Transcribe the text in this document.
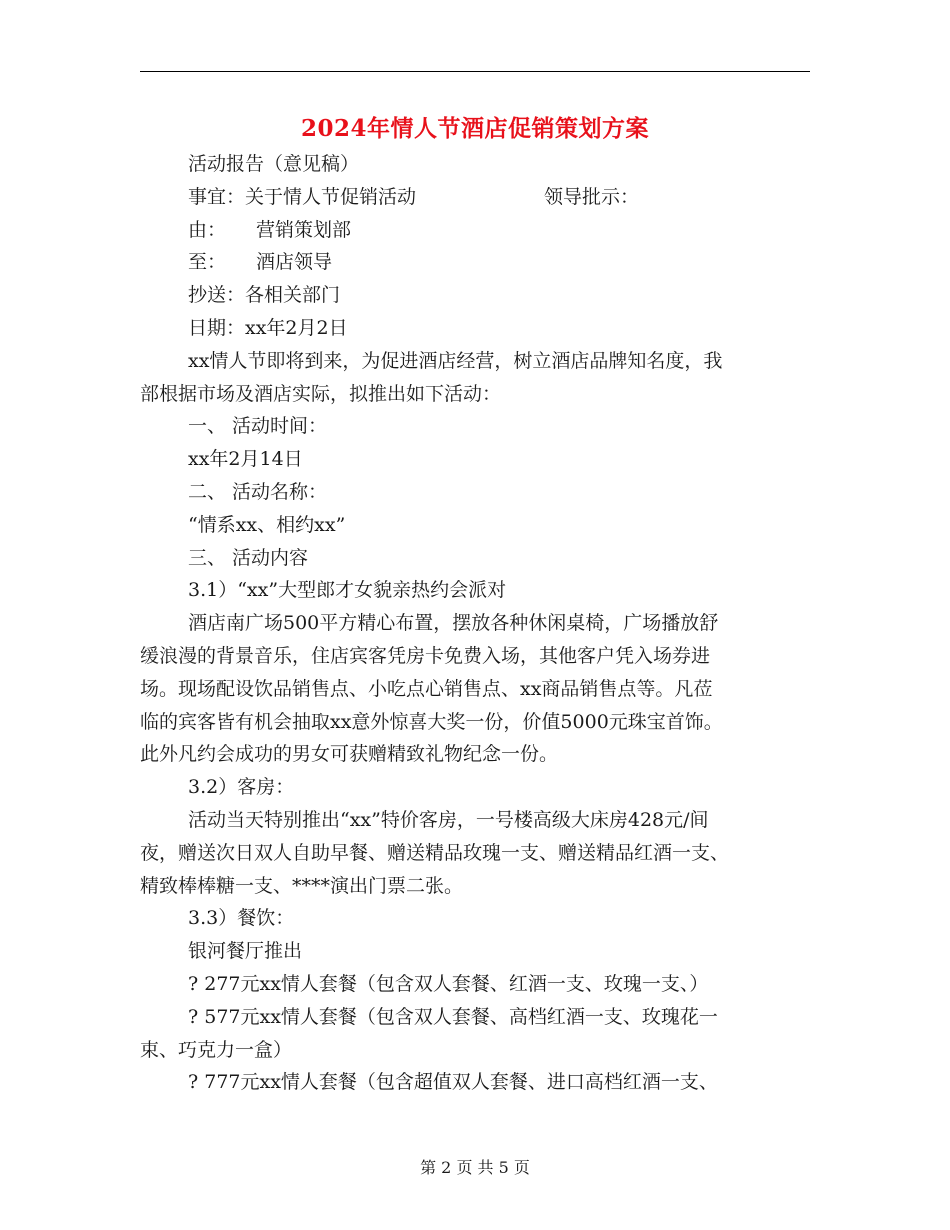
2024年情人节酒店促销策划方案
活动报告（意见稿）
事宜：关于情人节促销活动	领导批示：
由： 营销策划部
至： 酒店领导
抄送：各相关部门
日期：xx年2月2日
xx情人节即将到来，为促进酒店经营，树立酒店品牌知名度，我
部根据市场及酒店实际，拟推出如下活动：
一、 活动时间：
xx年2月14日
二、 活动名称：
“情系xx、相约xx”
三、 活动内容
3.1）“xx”大型郎才女貌亲热约会派对
酒店南广场500平方精心布置，摆放各种休闲桌椅，广场播放舒
缓浪漫的背景音乐，住店宾客凭房卡免费入场，其他客户凭入场券进
场。现场配设饮品销售点、小吃点心销售点、xx商品销售点等。凡莅
临的宾客皆有机会抽取xx意外惊喜大奖一份，价值5000元珠宝首饰。
此外凡约会成功的男女可获赠精致礼物纪念一份。
3.2）客房：
活动当天特别推出“xx”特价客房，一号楼高级大床房428元/间
夜，赠送次日双人自助早餐、赠送精品玫瑰一支、赠送精品红酒一支、
精致棒棒糖一支、****演出门票二张。
3.3）餐饮：
银河餐厅推出
? 277元xx情人套餐（包含双人套餐、红酒一支、玫瑰一支、）
? 577元xx情人套餐（包含双人套餐、高档红酒一支、玫瑰花一
束、巧克力一盒）
? 777元xx情人套餐（包含超值双人套餐、进口高档红酒一支、
第 2 页 共 5 页
